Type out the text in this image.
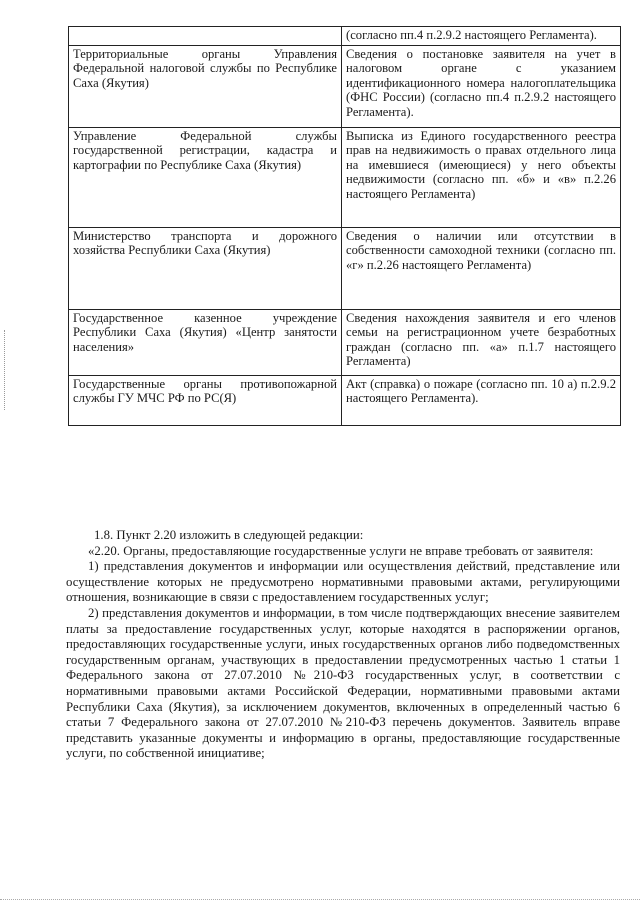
	(согласно пп.4 п.2.9.2 настоящего Регламента).
Территориальные органы Управления Федеральной налоговой службы по Республике Саха (Якутия)	Сведения о постановке заявителя на учет в налоговом органе с указанием идентификационного номера налогоплательщика (ФНС России) (согласно пп.4 п.2.9.2 настоящего Регламента).
Управление Федеральной службы государственной регистрации, кадастра и картографии по Республике Саха (Якутия)	Выписка из Единого государственного реестра прав на недвижимость о правах отдельного лица на имевшиеся (имеющиеся) у него объекты недвижимости (согласно пп. «б» и «в» п.2.26 настоящего Регламента)
Министерство транспорта и дорожного хозяйства Республики Саха (Якутия)	Сведения о наличии или отсутствии в собственности самоходной техники (согласно пп. «г» п.2.26 настоящего Регламента)
Государственное казенное учреждение Республики Саха (Якутия) «Центр занятости населения»	Сведения нахождения заявителя и его членов семьи на регистрационном учете безработных граждан (согласно пп. «а» п.1.7 настоящего Регламента)
Государственные органы противопожарной службы ГУ МЧС РФ по РС(Я)	Акт (справка) о пожаре (согласно пп. 10 а) п.2.9.2 настоящего Регламента).

1.8. Пункт 2.20 изложить в следующей редакции:

«2.20. Органы, предоставляющие государственные услуги не вправе требовать от заявителя:

1) представления документов и информации или осуществления действий, представление или осуществление которых не предусмотрено нормативными правовыми актами, регулирующими отношения, возникающие в связи с предоставлением государственных услуг;

2) представления документов и информации, в том числе подтверждающих внесение заявителем платы за предоставление государственных услуг, которые находятся в распоряжении органов, предоставляющих государственные услуги, иных государственных органов либо подведомственных государственным органам, участвующих в предоставлении предусмотренных частью 1 статьи 1 Федерального закона от 27.07.2010 №210-ФЗ государственных услуг, в соответствии с нормативными правовыми актами Российской Федерации, нормативными правовыми актами Республики Саха (Якутия), за исключением документов, включенных в определенный частью 6 статьи 7 Федерального закона от 27.07.2010 №210-ФЗ перечень документов. Заявитель вправе представить указанные документы и информацию в органы, предоставляющие государственные услуги, по собственной инициативе;
